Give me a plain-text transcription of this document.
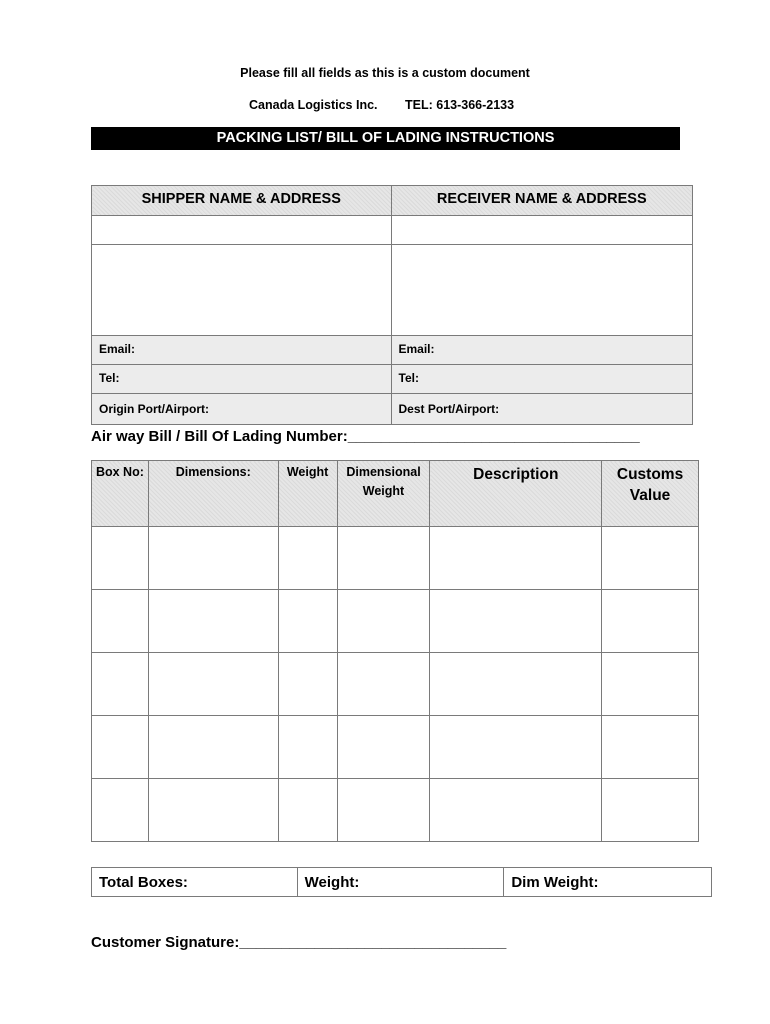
Please fill all fields as this is a custom document
Canada Logistics Inc. TEL: 613-366-2133
PACKING LIST/ BILL OF LADING INSTRUCTIONS
SHIPPER NAME & ADDRESS	RECEIVER NAME & ADDRESS

Email:	Email:
Tel:	Tel:
Origin Port/Airport:	Dest Port/Airport:
Air way Bill / Bill Of Lading Number:___________________________________
Box No:	Dimensions:	Weight	Dimensional Weight	Description	Customs Value

Total Boxes:	Weight:	Dim Weight:
Customer Signature:________________________________
